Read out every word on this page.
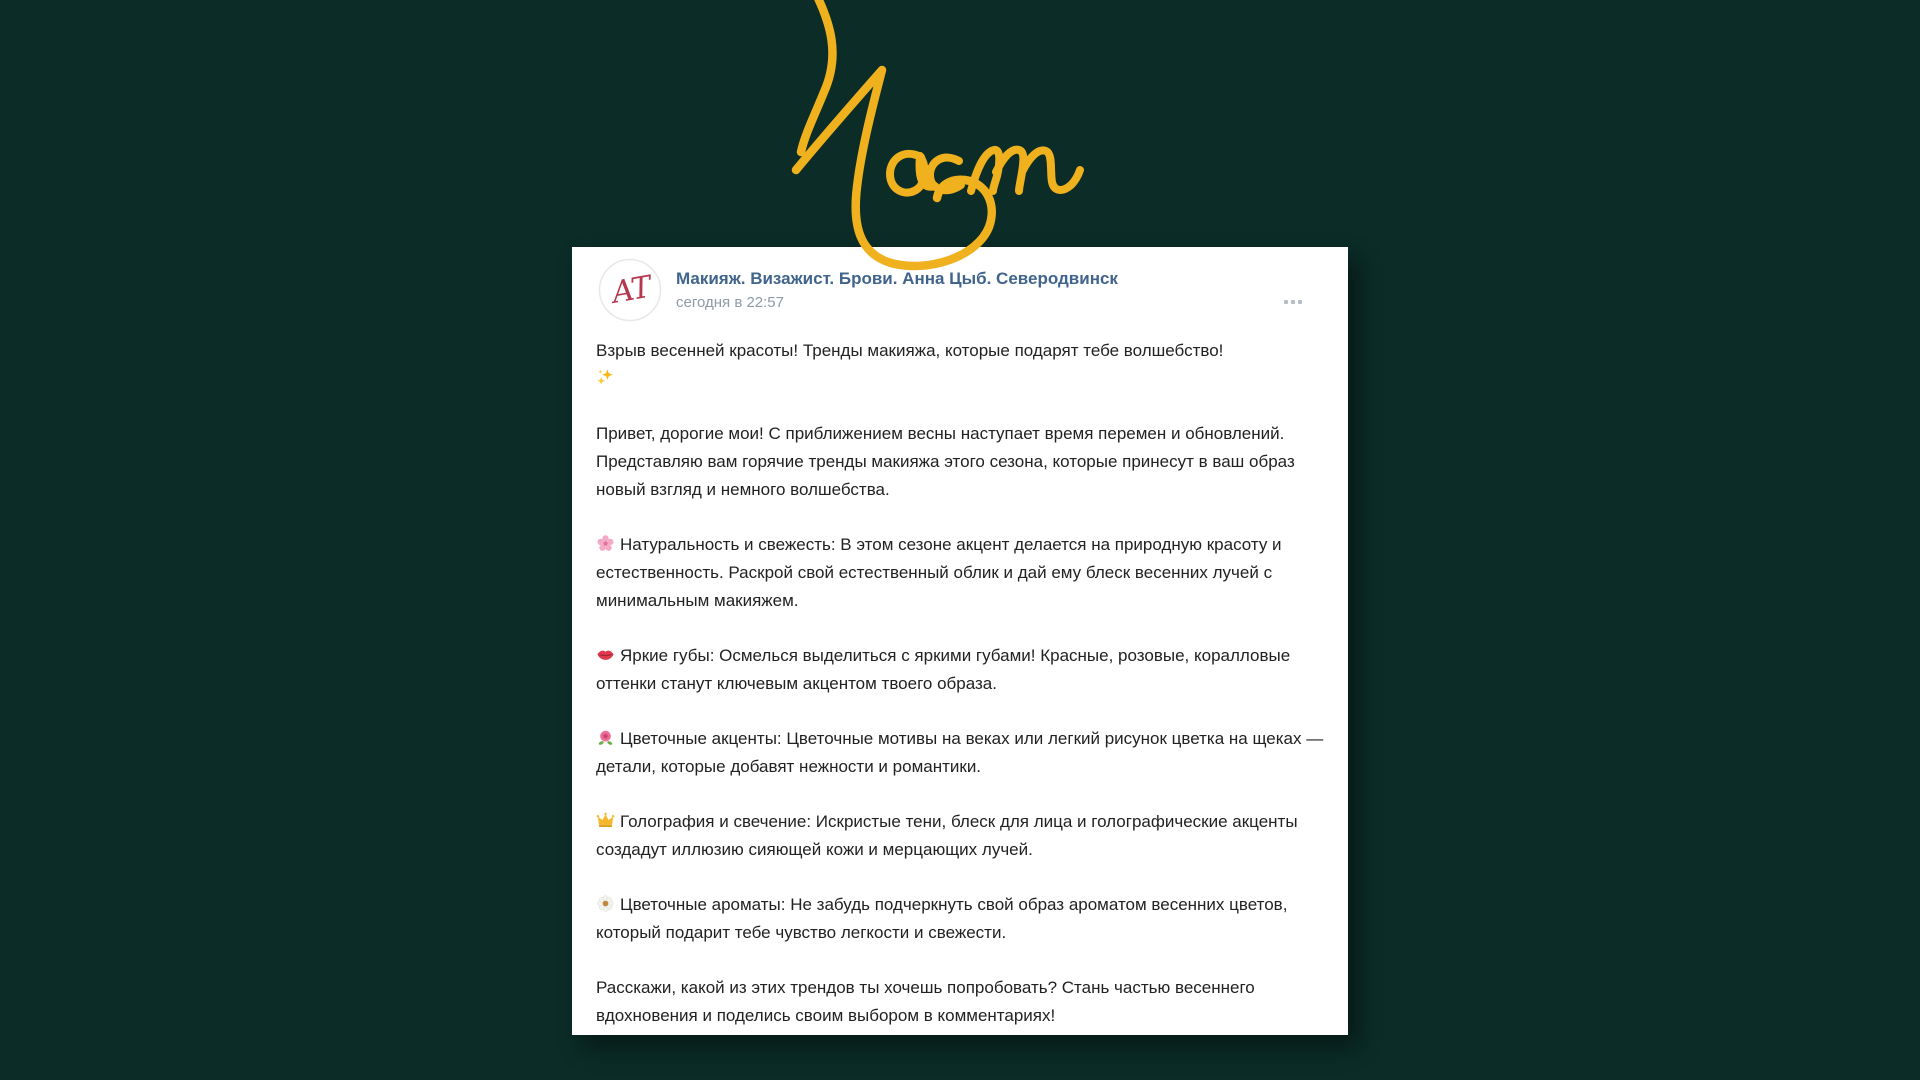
АТ Макияж. Визажист. Брови. Анна Цыб. Северодвинск
сегодня в 22:57

Взрыв весенней красоты! Тренды макияжа, которые подарят тебе волшебство!

Привет, дорогие мои! С приближением весны наступает время перемен и обновлений. Представляю вам горячие тренды макияжа этого сезона, которые принесут в ваш образ новый взгляд и немного волшебства.

Натуральность и свежесть: В этом сезоне акцент делается на природную красоту и естественность. Раскрой свой естественный облик и дай ему блеск весенних лучей с минимальным макияжем.

Яркие губы: Осмелься выделиться с яркими губами! Красные, розовые, коралловые оттенки станут ключевым акцентом твоего образа.

Цветочные акценты: Цветочные мотивы на веках или легкий рисунок цветка на щеках — детали, которые добавят нежности и романтики.

Голография и свечение: Искристые тени, блеск для лица и голографические акценты создадут иллюзию сияющей кожи и мерцающих лучей.

Цветочные ароматы: Не забудь подчеркнуть свой образ ароматом весенних цветов, который подарит тебе чувство легкости и свежести.

Расскажи, какой из этих трендов ты хочешь попробовать? Стань частью весеннего вдохновения и поделись своим выбором в комментариях!
